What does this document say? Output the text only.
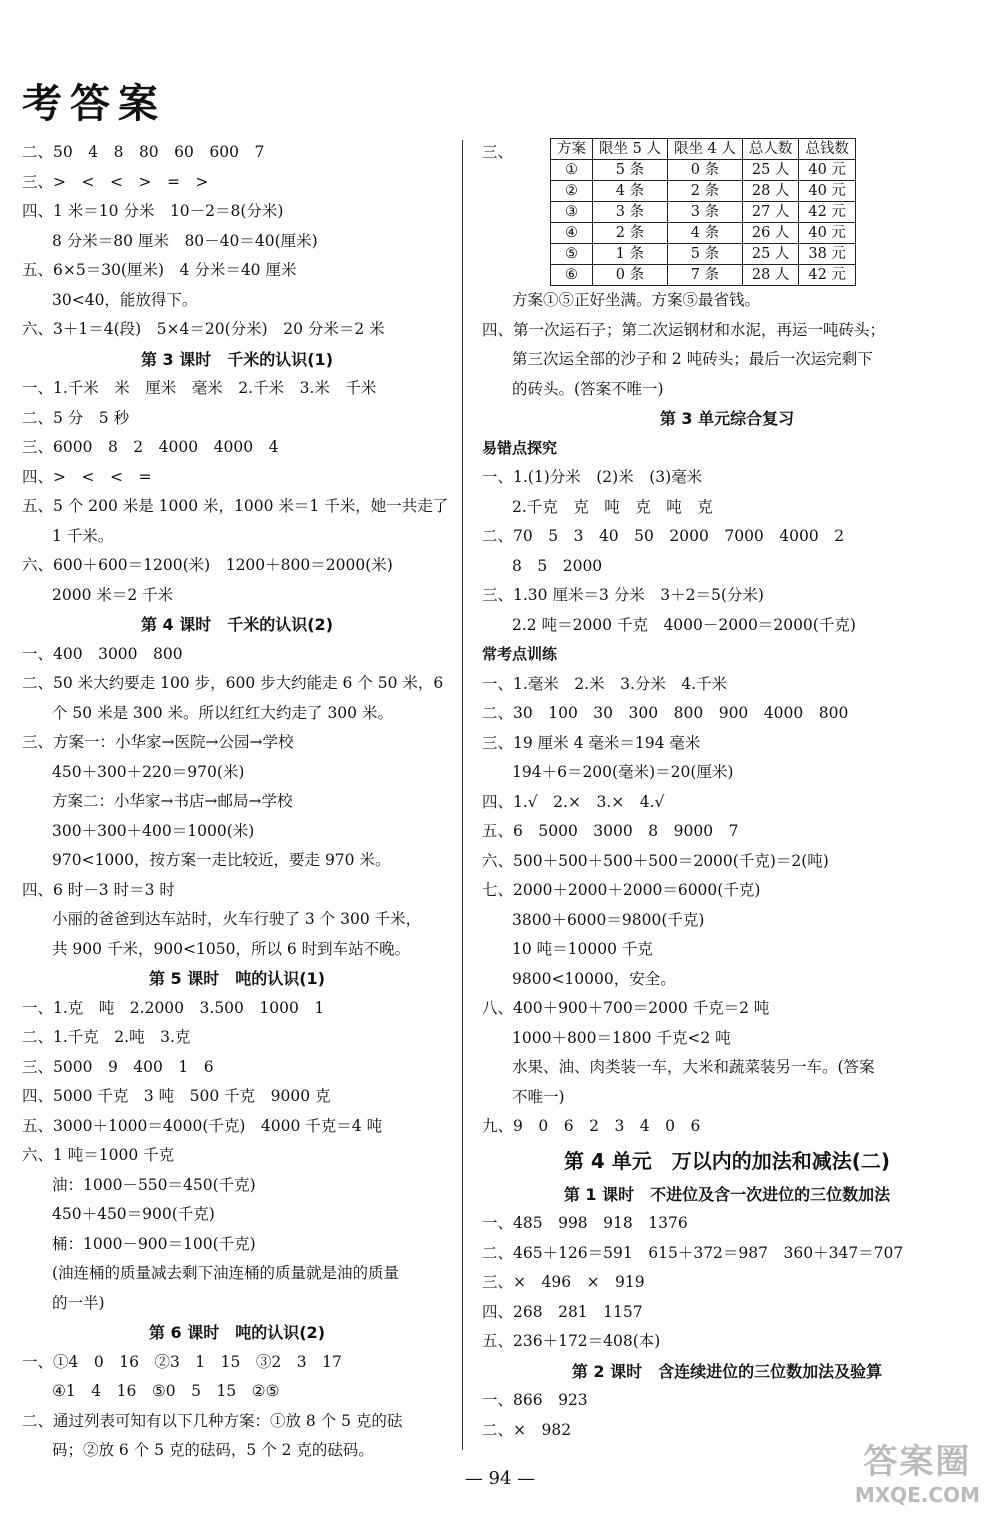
考答案
二、50　4　8　80　60　600　7
三、>　<　<　>　=　>
四、1 米＝10 分米　10－2＝8(分米)
8 分米＝80 厘米　80－40＝40(厘米)
五、6×5＝30(厘米)　4 分米＝40 厘米
30<40，能放得下。
六、3＋1＝4(段)　5×4＝20(分米)　20 分米＝2 米
第 3 课时　千米的认识(1)
一、1.千米　米　厘米　毫米　2.千米　3.米　千米
二、5 分　5 秒
三、6000　8　2　4000　4000　4
四、>　<　<　=
五、5 个 200 米是 1000 米，1000 米＝1 千米，她一共走了
1 千米。
六、600＋600＝1200(米)　1200＋800＝2000(米)
2000 米＝2 千米
第 4 课时　千米的认识(2)
一、400　3000　800
二、50 米大约要走 100 步，600 步大约能走 6 个 50 米，6
个 50 米是 300 米。所以红红大约走了 300 米。
三、方案一：小华家→医院→公园→学校
450＋300＋220＝970(米)
方案二：小华家→书店→邮局→学校
300＋300＋400＝1000(米)
970<1000，按方案一走比较近，要走 970 米。
四、6 时－3 时＝3 时
小丽的爸爸到达车站时，火车行驶了 3 个 300 千米，
共 900 千米，900<1050，所以 6 时到车站不晚。
第 5 课时　吨的认识(1)
一、1.克　吨　2.2000　3.500　1000　1
二、1.千克　2.吨　3.克
三、5000　9　400　1　6
四、5000 千克　3 吨　500 千克　9000 克
五、3000＋1000＝4000(千克)　4000 千克＝4 吨
六、1 吨＝1000 千克
油：1000－550＝450(千克)
450＋450＝900(千克)
桶：1000－900＝100(千克)
(油连桶的质量减去剩下油连桶的质量就是油的质量
的一半)
第 6 课时　吨的认识(2)
一、①4　0　16　②3　1　15　③2　3　17
④1　4　16　⑤0　5　15　②⑤
二、通过列表可知有以下几种方案：①放 8 个 5 克的砝
码；②放 6 个 5 克的砝码，5 个 2 克的砝码。
三、	方案	限坐 5 人	限坐 4 人	总人数	总钱数
①	5 条	0 条	25 人	40 元
②	4 条	2 条	28 人	40 元
③	3 条	3 条	27 人	42 元
④	2 条	4 条	26 人	40 元
⑤	1 条	5 条	25 人	38 元
⑥	0 条	7 条	28 人	42 元
方案①⑤正好坐满。方案⑤最省钱。
四、第一次运石子；第二次运钢材和水泥，再运一吨砖头；
第三次运全部的沙子和 2 吨砖头；最后一次运完剩下
的砖头。(答案不唯一)
第 3 单元综合复习
易错点探究
一、1.(1)分米　(2)米　(3)毫米
2.千克　克　吨　克　吨　克
二、70　5　3　40　50　2000　7000　4000　2
8　5　2000
三、1.30 厘米＝3 分米　3＋2＝5(分米)
2.2 吨＝2000 千克　4000－2000＝2000(千克)
常考点训练
一、1.毫米　2.米　3.分米　4.千米
二、30　100　30　300　800　900　4000　800
三、19 厘米 4 毫米＝194 毫米
194＋6＝200(毫米)＝20(厘米)
四、1.√　2.×　3.×　4.√
五、6　5000　3000　8　9000　7
六、500＋500＋500＋500＝2000(千克)＝2(吨)
七、2000＋2000＋2000＝6000(千克)
3800＋6000＝9800(千克)
10 吨＝10000 千克
9800<10000，安全。
八、400＋900＋700＝2000 千克＝2 吨
1000＋800＝1800 千克<2 吨
水果、油、肉类装一车，大米和蔬菜装另一车。(答案
不唯一)
九、9　0　6　2　3　4　0　6
第 4 单元　万以内的加法和减法(二)
第 1 课时　不进位及含一次进位的三位数加法
一、485　998　918　1376
二、465＋126＝591　615＋372＝987　360＋347＝707
三、×　496　×　919
四、268　281　1157
五、236＋172＝408(本)
第 2 课时　含连续进位的三位数加法及验算
一、866　923
二、×　982
— 94 —	答案圈
MXQE.COM
